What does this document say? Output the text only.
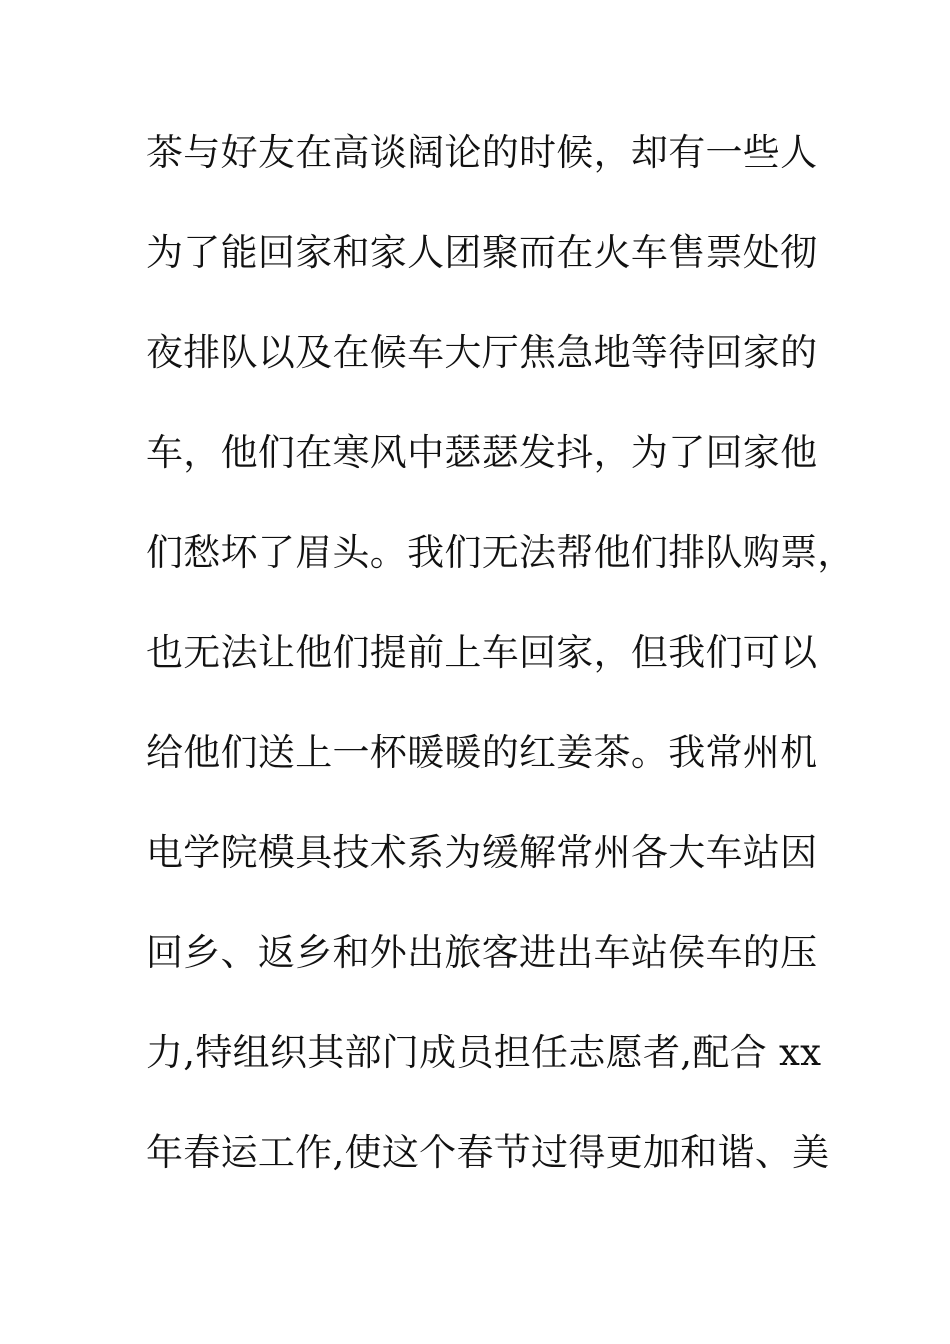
茶与好友在高谈阔论的时候，却有一些人
为了能回家和家人团聚而在火车售票处彻
夜排队以及在候车大厅焦急地等待回家的
车，他们在寒风中瑟瑟发抖，为了回家他
们愁坏了眉头。我们无法帮他们排队购票，
也无法让他们提前上车回家，但我们可以
给他们送上一杯暖暖的红姜茶。我常州机
电学院模具技术系为缓解常州各大车站因
回乡、返乡和外出旅客进出车站侯车的压
力,特组织其部门成员担任志愿者,配合 xx
年春运工作,使这个春节过得更加和谐、美
